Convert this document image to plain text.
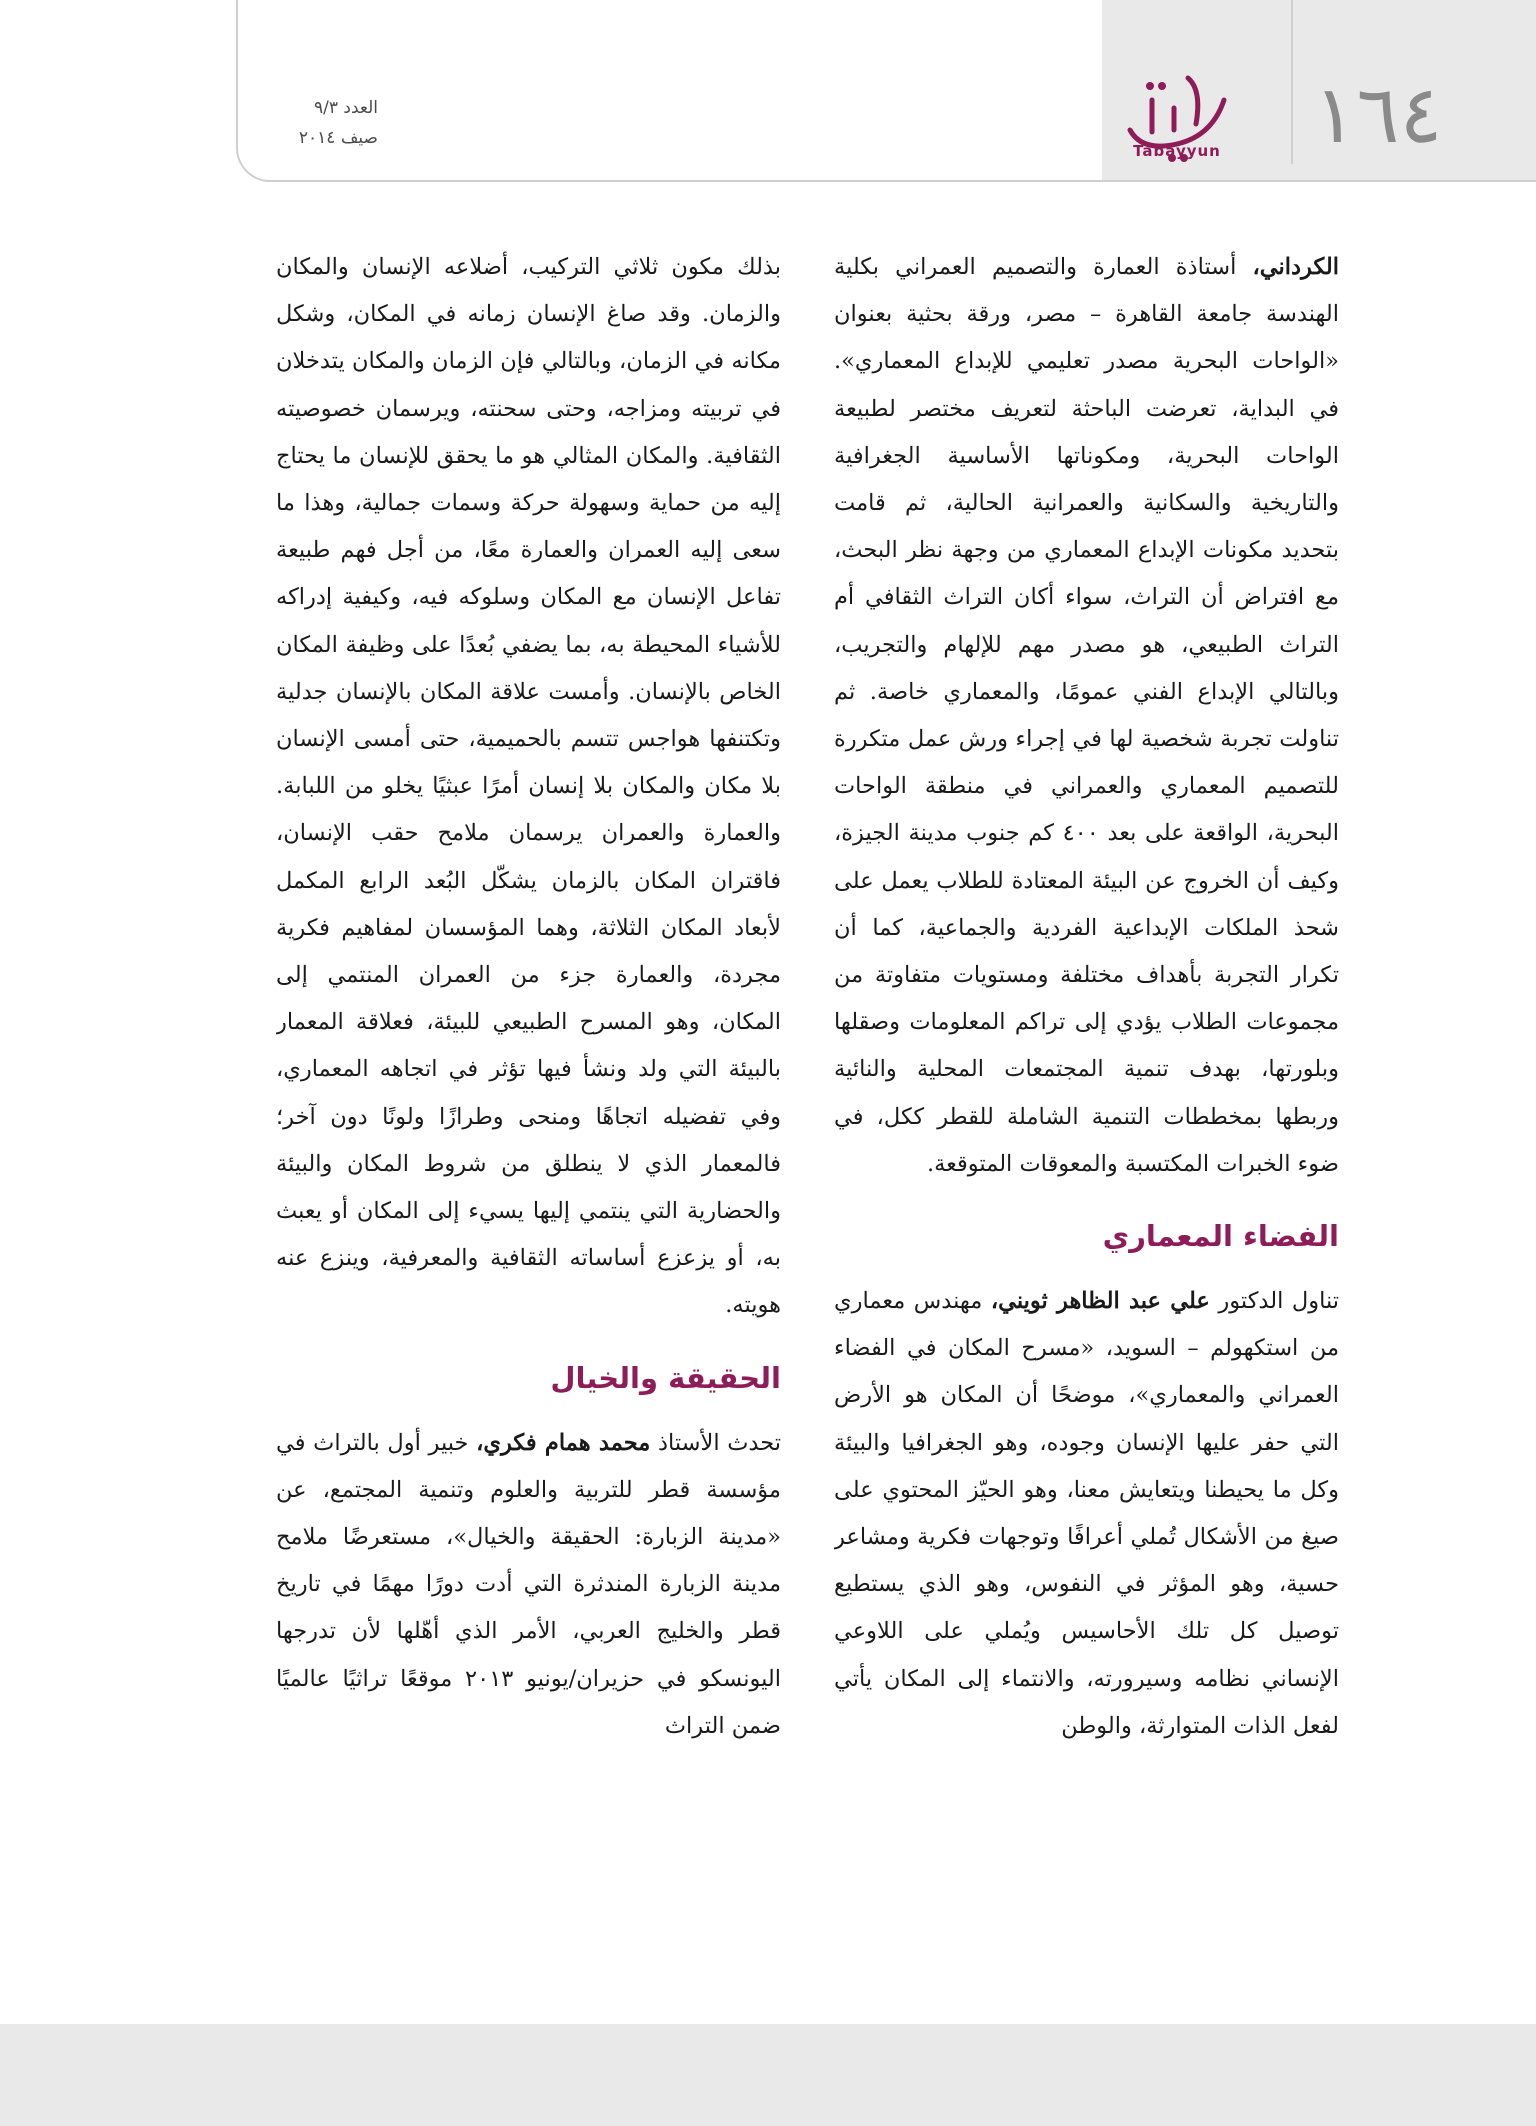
١٦٤
Tabayyun
العدد ٩/٣
صيف ٢٠١٤

الكرداني، أستاذة العمارة والتصميم العمراني بكلية الهندسة جامعة القاهرة – مصر، ورقة بحثية بعنوان «الواحات البحرية مصدر تعليمي للإبداع المعماري». في البداية، تعرضت الباحثة لتعريف مختصر لطبيعة الواحات البحرية، ومكوناتها الأساسية الجغرافية والتاريخية والسكانية والعمرانية الحالية، ثم قامت بتحديد مكونات الإبداع المعماري من وجهة نظر البحث، مع افتراض أن التراث، سواء أكان التراث الثقافي أم التراث الطبيعي، هو مصدر مهم للإلهام والتجريب، وبالتالي الإبداع الفني عمومًا، والمعماري خاصة. ثم تناولت تجربة شخصية لها في إجراء ورش عمل متكررة للتصميم المعماري والعمراني في منطقة الواحات البحرية، الواقعة على بعد ٤٠٠ كم جنوب مدينة الجيزة، وكيف أن الخروج عن البيئة المعتادة للطلاب يعمل على شحذ الملكات الإبداعية الفردية والجماعية، كما أن تكرار التجربة بأهداف مختلفة ومستويات متفاوتة من مجموعات الطلاب يؤدي إلى تراكم المعلومات وصقلها وبلورتها، بهدف تنمية المجتمعات المحلية والنائية وربطها بمخططات التنمية الشاملة للقطر ككل، في ضوء الخبرات المكتسبة والمعوقات المتوقعة.

الفضاء المعماري

تناول الدكتور علي عبد الظاهر ثويني، مهندس معماري من استكهولم – السويد، «مسرح المكان في الفضاء العمراني والمعماري»، موضحًا أن المكان هو الأرض التي حفر عليها الإنسان وجوده، وهو الجغرافيا والبيئة وكل ما يحيطنا ويتعايش معنا، وهو الحيّز المحتوي على صيغ من الأشكال تُملي أعرافًا وتوجهات فكرية ومشاعر حسية، وهو المؤثر في النفوس، وهو الذي يستطيع توصيل كل تلك الأحاسيس ويُملي على اللاوعي الإنساني نظامه وسيرورته، والانتماء إلى المكان يأتي لفعل الذات المتوارثة، والوطن

بذلك مكون ثلاثي التركيب، أضلاعه الإنسان والمكان والزمان. وقد صاغ الإنسان زمانه في المكان، وشكل مكانه في الزمان، وبالتالي فإن الزمان والمكان يتدخلان في تربيته ومزاجه، وحتى سحنته، ويرسمان خصوصيته الثقافية. والمكان المثالي هو ما يحقق للإنسان ما يحتاج إليه من حماية وسهولة حركة وسمات جمالية، وهذا ما سعى إليه العمران والعمارة معًا، من أجل فهم طبيعة تفاعل الإنسان مع المكان وسلوكه فيه، وكيفية إدراكه للأشياء المحيطة به، بما يضفي بُعدًا على وظيفة المكان الخاص بالإنسان. وأمست علاقة المكان بالإنسان جدلية وتكتنفها هواجس تتسم بالحميمية، حتى أمسى الإنسان بلا مكان والمكان بلا إنسان أمرًا عبثيًا يخلو من اللبابة. والعمارة والعمران يرسمان ملامح حقب الإنسان، فاقتران المكان بالزمان يشكّل البُعد الرابع المكمل لأبعاد المكان الثلاثة، وهما المؤسسان لمفاهيم فكرية مجردة، والعمارة جزء من العمران المنتمي إلى المكان، وهو المسرح الطبيعي للبيئة، فعلاقة المعمار بالبيئة التي ولد ونشأ فيها تؤثر في اتجاهه المعماري، وفي تفضيله اتجاهًا ومنحى وطرازًا ولونًا دون آخر؛ فالمعمار الذي لا ينطلق من شروط المكان والبيئة والحضارية التي ينتمي إليها يسيء إلى المكان أو يعبث به، أو يزعزع أساساته الثقافية والمعرفية، وينزع عنه هويته.

الحقيقة والخيال

تحدث الأستاذ محمد همام فكري، خبير أول بالتراث في مؤسسة قطر للتربية والعلوم وتنمية المجتمع، عن «مدينة الزبارة: الحقيقة والخيال»، مستعرضًا ملامح مدينة الزبارة المندثرة التي أدت دورًا مهمًا في تاريخ قطر والخليج العربي، الأمر الذي أهّلها لأن تدرجها اليونسكو في حزيران/يونيو ٢٠١٣ موقعًا تراثيًا عالميًا ضمن التراث
